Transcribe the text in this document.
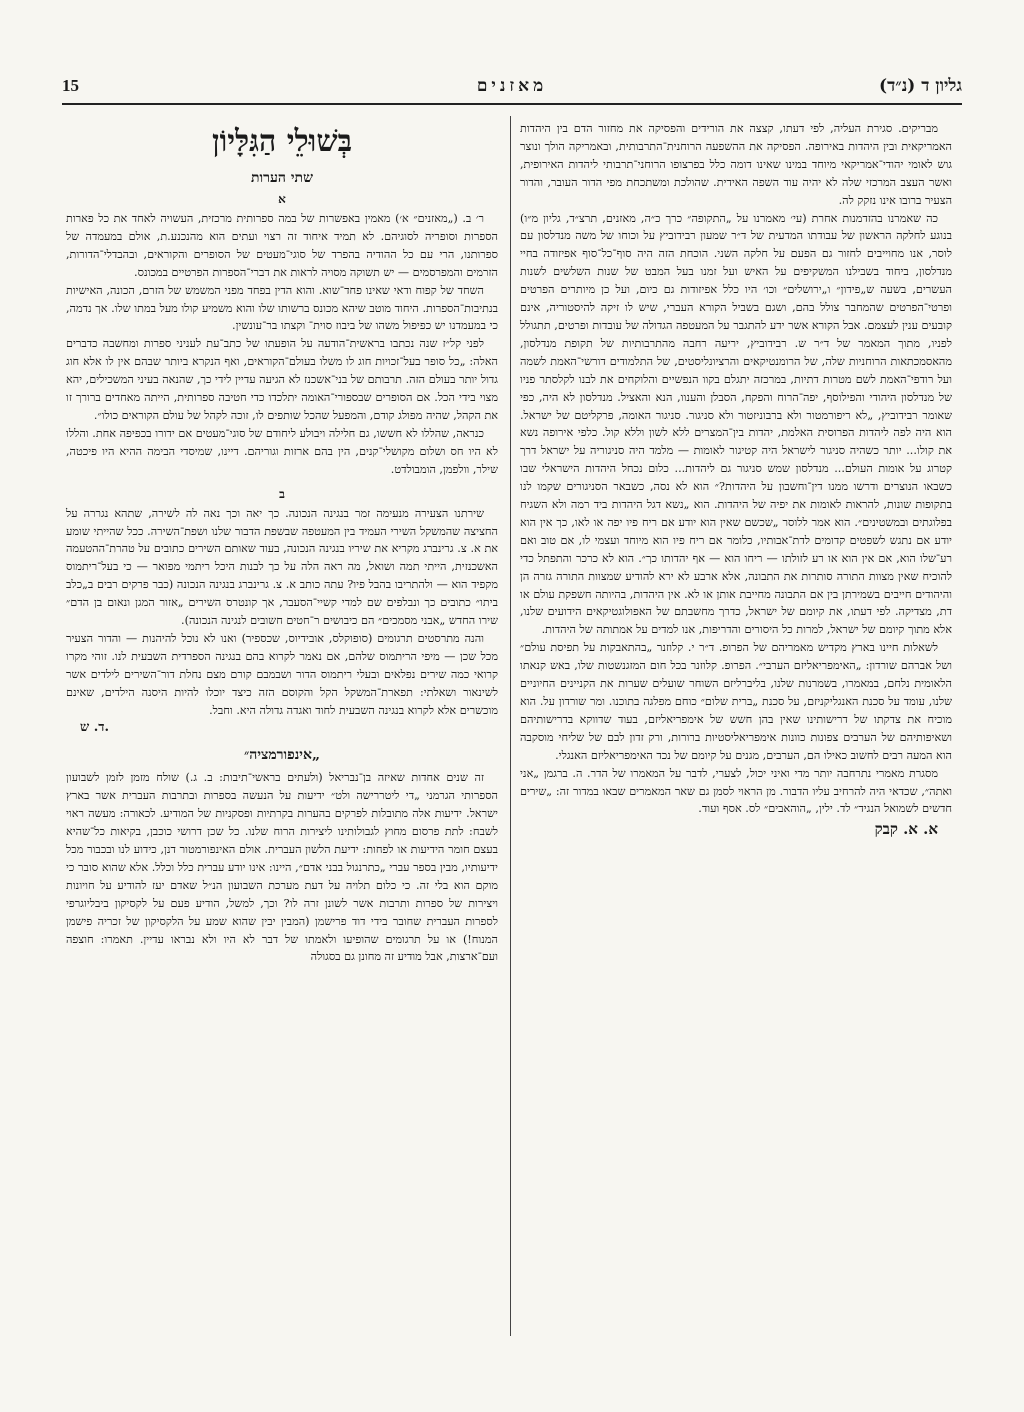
15	מאזנים	גליון ד (נ״ד)

מבריקים. סגירת העליה, לפי דעתו, קצצה את הורידים והפסיקה את מחזור הדם בין היהדות האמריקאית ובין היהדות באירופה. הפסיקה את ההשפעה הרוחנית־התרבותית, ובאמריקה הולך ונוצר גוש לאומי יהודי־אמריקאי מיוחד במינו שאינו דומה כלל בפרצופו הרוחני־תרבותי ליהדות האירופית, ואשר העצב המרכזי שלה לא יהיה עוד השפה האידית. שהולכת ומשתכחת מפי הדור העובר, והדור הצעיר ברובו אינו נזקק לה.

כה שאמרנו בהזדמנות אחרת (עי׳ מאמרנו על „התקופה״ כרך כ״ה, מאזנים, תרצ״ד, גליון מ״ו) בנוגע לחלקה הראשון של עבודתו המדעית של ד״ר שמעון רבידוביץ על וכוחו של משה מנדלסון עם לוסר, אנו מחוייבים לחזור גם הפעם על חלקה השני. הוכחת הזה היה סוף־כל־סוף אפיזודה בחיי מנדלסון, ביחוד בשבילנו המשקיפים על האיש ועל זמנו בעל המבט של שנות השלשים לשנות העשרים, בשעה ש„פידון״ ו„ירושלים״ וכו׳ היו כלל אפיזודות גם כיום, ועל כן מיותרים הפרטים ופרטי־הפרטים שהמחבר צולל בהם, ושגם בשביל הקורא העברי, שיש לו זיקה להיסטוריה, אינם קובעים ענין לעצמם. אבל הקורא אשר ידע להתגבר על המעטפה הגדולה של עובדות ופרטים, תתגולל לפניו, מתוך המאמר של ד״ר ש. רבידוביץ, יריעה רחבה מהתרבותיות של תקופת מנדלסון, מהאסמכתאות הרוחניות שלה, של הרומנטיקאים והרציונליסטים, של התלמודים דורשי־האמת לשמה ועל רודפי־האמת לשם מטרות דתיות, במרכזה יתגלם בקוו הנפשיים והלוקחים את לבנו לקלסתר פניו של מנדלסון היהודי והפילוסף, יפה־הרוח והפקח, הסבלן והענוו, הנא והאציל. מנדלסון לא היה, כפי שאומר רבידוביץ, „לא ריפורמטור ולא ברבוניזטור ולא סניגור. סניגור האומה, פרקליטם של ישראל. הוא היה לפה ליהדות הפרוסית האלמת, יהדות בין־המצרים ללא לשון וללא קול. כלפי אירופה נשא את קולו... יותר כשהיה סניגור לישראל היה קטיגור לאומות — מלמד היה סניגוריה על ישראל דרך קטרוג על אומות העולם... מנדלסון שמש סניגור גם ליהדות... כלום נכחל היהדות הישראלי שבו כשבאו הנוצרים ודרשו ממנו דין־וחשבון על היהדות?״ הוא לא נסה, כשבאר הסניגורים שקמו לנו בתקופות שונות, להראות לאומות את יפיה של היהדות. הוא „נשא דגל היהדות ביד רמה ולא השגיח בפלוגתים ובמשטינים״. הוא אמר ללוסר „שכשם שאין הוא יודע אם ריח פיו יפה או לאו, כך אין הוא יודע אם נתגש לשפטים קדומים לדת־אבותיו, כלומר אם ריח פיו הוא מיוחד ועצמי לו, אם טוב ואם רע־שלו הוא, אם אין הוא או רע לזולתו — ריחו הוא — אף יהדותו כך״. הוא לא כרכר והתפתל כדי להוכיח שאין מצוות התורה סותרות את התבונה, אלא ארבע לא ירא להודיע שמצוות התורה גזרה הן והיהודים חייבים בשמירתן בין אם התבונה מחייבת אותן או לא. אין היהדות, בהיותה חשפקת עולם או דת, מצדיקה. לפי דעתו, את קיומם של ישראל, כדרך מחשבתם של האפולוגטיקאים הידועים שלנו, אלא מתוך קיומם של ישראל, למרות כל היסורים והדריפות, אנו למדים על אמתותה של היהדות.

לשאלות חיינו בארץ מקדיש מאמריהם של הפרופ. ד״ר י. קלוזנר „בהתאבקות על תפיסת עולם״ ושל אברהם שורדון: „האימפריאליזם הערבי״. הפרופ. קלוזנר בכל חום המזגנשטות שלו, באש קנאתו הלאומית נלחם, במאמרו, בשמרנות שלנו, בליברליזם השוחר שועלים שערות את הקניינים החיוניים שלנו, עומד על סכנת האנגליקניזם, על סכנת „ברית שלום״ כוחם מפלגה בתוכנו. ומר שורדון על. הוא מוכיח את צדקתו של דרישותינו שאין בהן חשש של אימפריאליזם, בעוד שדווקא בדרישותיהם ושאיפותיהם של הערבים צפונות כוונות אימפריאליסטיות ברורות, ורק זדון לבם של שליחי מוסקבה הוא המעה רבים לחשוב כאילו הם, הערבים, מגנים על קיומם של נכד האימפריאליזם האנגלי.

מסגרת מאמרי נתרחבה יותר מדי ואיני יכול, לצערי, לדבר על המאמרו של הדר. ה. ברגמן „אני ואתה״, שכדאי היה להרחיב עליו הדבור. מן הראוי לסמן גם שאר המאמרים שבאו במדור זה: „שירים חדשים לשמואל הנגיד״ לד. ילין, „הוהאבים״ לס. אסף ועוד.

א. א. קבק

בְּשׁוּלֵי הַגִּלָּיוֹן
שתי הערות
א

ר׳ ב. („מאזנים״ א׳) מאמין באפשרות של במה ספרותית מרכזית, העשויה לאחד את כל פארות הספרות וסופריה לסוגיהם. לא תמיד איחוד זה רצוי ועתים הוא מהנכנע.ת, אולם במעמדה של ספרותנו, הרי עם כל ההודיה בהפרד של סוגי־מעטים של הסופרים והקוראים, ובהבדלי־הדורות, הזרמים והמפרסמים — יש תשוקה מסויה לראות את דברי־הספרות הפרטיים במכונס.

השחד של קפוח ודאי שאינו פחד־שוא. והוא הדין בפחד מפני המשמש של הזרם, הכונה, האישיות בנתיבות־הספרות. היחוד מוטב שיהא מכונס ברשותו שלו והוא משמיע קולו מעל במתו שלו. אך נדמה, כי במעמדנו יש כפיפול משהו של ביבוז סוית־ וקצתו בר־עונשין.

לפני קל״ז שנה נכתבו בראשית־הודעה על הופעתו של כתב־עת לעניני ספרות ומחשבה כדברים האלה: „כל סופר בעל־זכויות חוג לו משלו בעולם־הקוראים, ואף הנקרא ביותר שבהם אין לו אלא חוג גדול יותר בעולם הזה. תרבותם של בני־אשכנז לא הגיעה עדיין לידי כך, שהנאה בעיני המשכילים, יהא מצוי בידי הכל. אם הסופרים שבספורי־האומה יתלכדו כדי חטיבה ספרותית, הייתה מאחדים ברורך זו את הקהל, שהיה מפולג קודם, והמפעל שהכל שותפים לו, זוכה לקהל של עולם הקוראים כולו״.

כנראה, שהללו לא חששו, גם חלילה ויבולע ליחודם של סוגי־מעטים אם ידורו בכפיפה אחת. והללו לא היו חס ושלום מקושלי־קנים, הין בהם ארזות וגוריהם. דיינו, שמיסדי הבימה ההיא היו פיכטה, שילר, וולפמן, הומבולדט.

ב

שירתנו הצעירה מנעימה זמר בנגינה הנכונה. כך יאה וכך נאה לה לשירה, שתהא נגררה על החציצה שהמשקל השירי העמיד בין המעטפה שבשפת הדבור שלנו ושפת־השירה. ככל שהייתי שומע את א. צ. גרינברג מקריא את שיריו בנגינה הנכונה, בעוד שאותם השירים כתובים על טהרת־ההטעמה האשכנזית, הייתי תמה ושואל, מה ראה הלה על כך לבנות היכל ריתמי מפואר — כי בעל־ריתמוס מקפיד הוא — ולהתריבו בהבל פיו? עתה כותב א. צ. גרינברג בנגינה הנכונה (כבר פרקים רבים ב„כלב ביתו״ כתובים כך ונבלפים שם למדי קשיי־הסעבר, אך קונטרס השירים „אזור המגן ונאום בן הדם״ שירו החדש „אבני מסמכים״ הם כיבושים ר־חטים חשובים לנגינה הנכונה).

והנה מתרסטים תרגומים (סופוקלס, אובידיוס, שכספיר) ואנו לא נוכל להיהנות — והדור הצעיר מכל שכן — מיפי הריתמוס שלהם, אם נאמר לקרוא בהם בנגינה הספרדית השבעית לנו. זוהי מקרו קרואי כמה שירים נפלאים ובעלי ריתמוס הדור ושבמבם קורם מצם נחלת דור־השירים לילדים אשר לשינאור ושאלתי: תפארת־המשקל הקל והקוסם הזה כיצד יוכלו להיות היסנה הילדים, שאינם מוכשרים אלא לקרוא בנגינה השבעית לחוד ואגדה גדולה היא. וחבל.

ד. ש.

„אינפורמציה״

זה שנים אחדות שאיזה בן־נבריאל (ולעתים בראשי־תיבות: ב. ג.) שולח מזמן לזמן לשבועון הספרותי הגרמני „די ליטררישה ולט״ ידיעות על הנעשה בספרות ובתרבות העברית אשר בארץ ישראל. ידיעות אלה מתובלות לפרקים בהערות בקרתיות ופסקניות של המודיע. לכאורה: מעשה ראוי לשבח: לתת פרסום מחוץ לגבולותינו ליצירות הרוח שלנו. כל שכן דרושי כוכבן, בקיאות כל־שהיא בעצם חומר הידיעות או לפחות: ידיעת הלשון העברית. אולם האינפורמטור דנן, כידוע לנו ובכבור מכל ידיעותיו, מבין בספר עברי „כתרנגול בבני אדם״, היינו: אינו יודע עברית כלל וכלל. אלא שהוא סובר כי מוקם הוא בלי זה. כי כלום תלויה על דעת מערכת השבועון הנ״ל שאדם יעז להודיע על חויונות ויצירות של ספרות ותרבות אשר לשונן זרה לו? וכך, למשל, הודיע פעם על לקסיקון ביבליוגרפי לספרות העברית שחובר בידי דוד פרישמן (המבין יבין שהוא שמע על הלקסיקון של זכריה פישמן המנוח!) או על תרגומים שהופיעו ולאמתו של דבר לא היו ולא נבראו עדיין. תאמרו: חוצפה ועם־ארצות, אבל מודיע זה מחונן גם בסגולה
